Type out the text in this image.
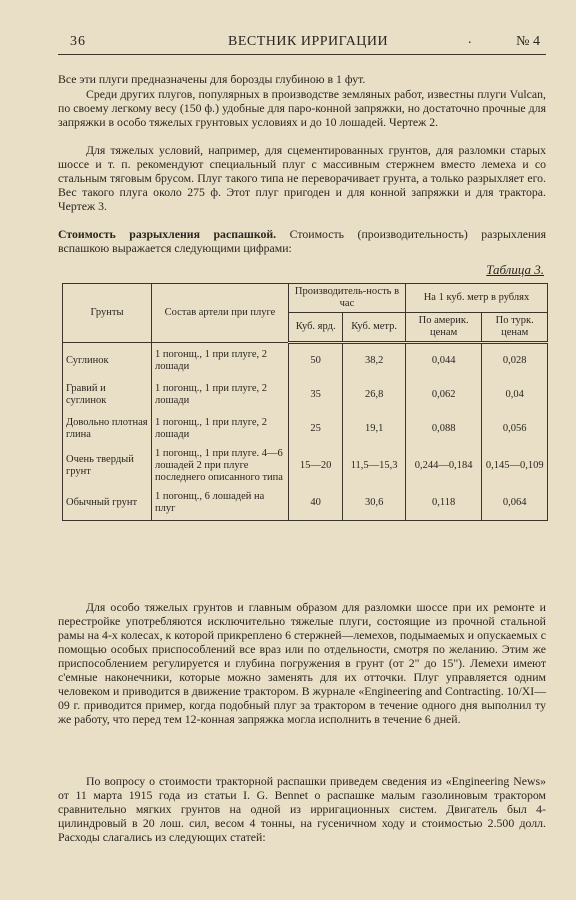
36	ВЕСТНИК ИРРИГАЦИИ	.	№ 4

Все эти плуги предназначены для борозды глубиною в 1 фут.

Среди других плугов, популярных в производстве земляных работ, известны плуги Vulcan, по своему легкому весу (150 ф.) удобные для паро-конной запряжки, но достаточно прочные для запряжки в особо тяжелых грунтовых условиях и до 10 лошадей. Чертеж 2.

Для тяжелых условий, например, для сцементированных грунтов, для разломки старых шоссе и т. п. рекомендуют специальный плуг с массивным стержнем вместо лемеха и со стальным тяговым брусом. Плуг такого типа не переворачивает грунта, а только разрыхляет его. Вес такого плуга около 275 ф. Этот плуг пригоден и для конной запряжки и для трактора. Чертеж 3.

Стоимость разрыхления распашкой. Стоимость (производительность) разрыхления вспашкою выражается следующими цифрами:

Таблица 3.
Грунты	Состав артели при плуге	Производитель-ность в час		На 1 куб. метр в рублях	
		Куб. ярд.	Куб. метр.	По америк. ценам	По турк. ценам
Суглинок	1 погонщ., 1 при плуге, 2 лошади	50	38,2	0,044	0,028
Гравий и суглинок	1 погонщ., 1 при плуге, 2 лошади	35	26,8	0,062	0,04
Довольно плотная глина	1 погонщ., 1 при плуге, 2 лошади	25	19,1	0,088	0,056
Очень твердый грунт	1 погонщ., 1 при плуге. 4—6 лошадей 2 при плуге последнего описанного типа	15—20	11,5—15,3	0,244—0,184	0,145—0,109
Обычный грунт	1 погонщ., 6 лошадей на плуг	40	30,6	0,118	0,064

Для особо тяжелых грунтов и главным образом для разломки шоссе при их ремонте и перестройке употребляются исключительно тяжелые плуги, состоящие из прочной стальной рамы на 4-х колесах, к которой прикреплено 6 стержней—лемехов, подымаемых и опускаемых с помощью особых приспособлений все враз или по отдельности, смотря по желанию. Этим же приспособлением регулируется и глубина погружения в грунт (от 2" до 15"). Лемехи имеют с'емные наконечники, которые можно заменять для их отточки. Плуг управляется одним человеком и приводится в движение трактором. В журнале «Engineering and Contracting. 10/XI—09 г. приводится пример, когда подобный плуг за трактором в течение одного дня выполнил ту же работу, что перед тем 12-конная запряжка могла исполнить в течение 6 дней.

По вопросу о стоимости тракторной распашки приведем сведения из «Engineering News» от 11 марта 1915 года из статьи I. G. Bennet о распашке малым газолиновым трактором сравнительно мягких грунтов на одной из ирригационных систем. Двигатель был 4-цилиндровый в 20 лош. сил, весом 4 тонны, на гусеничном ходу и стоимостью 2.500 долл. Расходы слагались из следующих статей:
